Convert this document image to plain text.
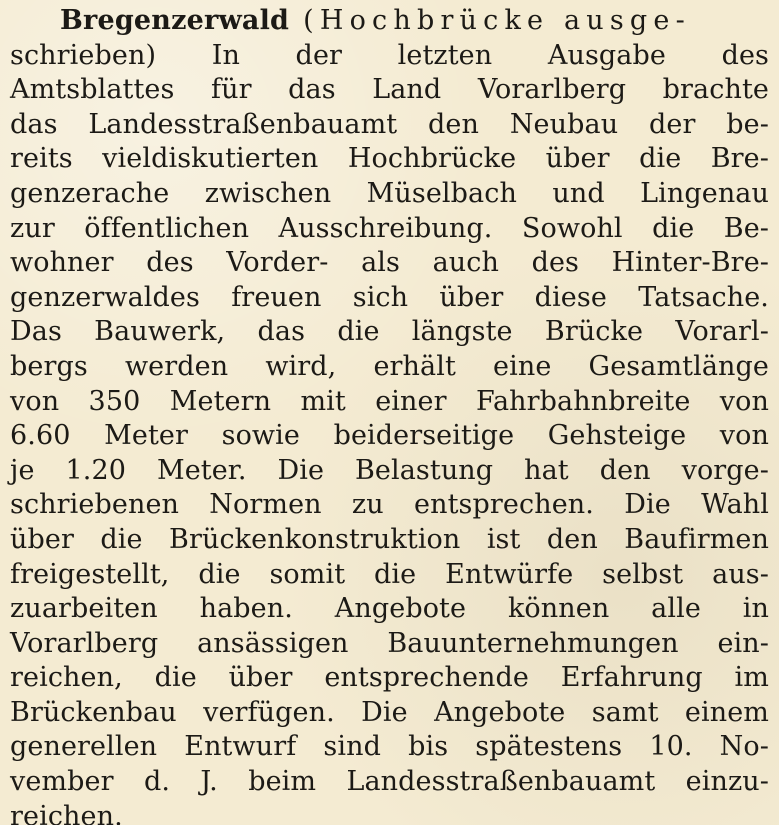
Bregenzerwald (Hochbrücke ausge-
schrieben) In der letzten Ausgabe des
Amtsblattes für das Land Vorarlberg brachte
das Landesstraßenbauamt den Neubau der be-
reits vieldiskutierten Hochbrücke über die Bre-
genzerache zwischen Müselbach und Lingenau
zur öffentlichen Ausschreibung. Sowohl die Be-
wohner des Vorder- als auch des Hinter-Bre-
genzerwaldes freuen sich über diese Tatsache.
Das Bauwerk, das die längste Brücke Vorarl-
bergs werden wird, erhält eine Gesamtlänge
von 350 Metern mit einer Fahrbahnbreite von
6.60 Meter sowie beiderseitige Gehsteige von
je 1.20 Meter. Die Belastung hat den vorge-
schriebenen Normen zu entsprechen. Die Wahl
über die Brückenkonstruktion ist den Baufirmen
freigestellt, die somit die Entwürfe selbst aus-
zuarbeiten haben. Angebote können alle in
Vorarlberg ansässigen Bauunternehmungen ein-
reichen, die über entsprechende Erfahrung im
Brückenbau verfügen. Die Angebote samt einem
generellen Entwurf sind bis spätestens 10. No-
vember d. J. beim Landesstraßenbauamt einzu-
reichen.
